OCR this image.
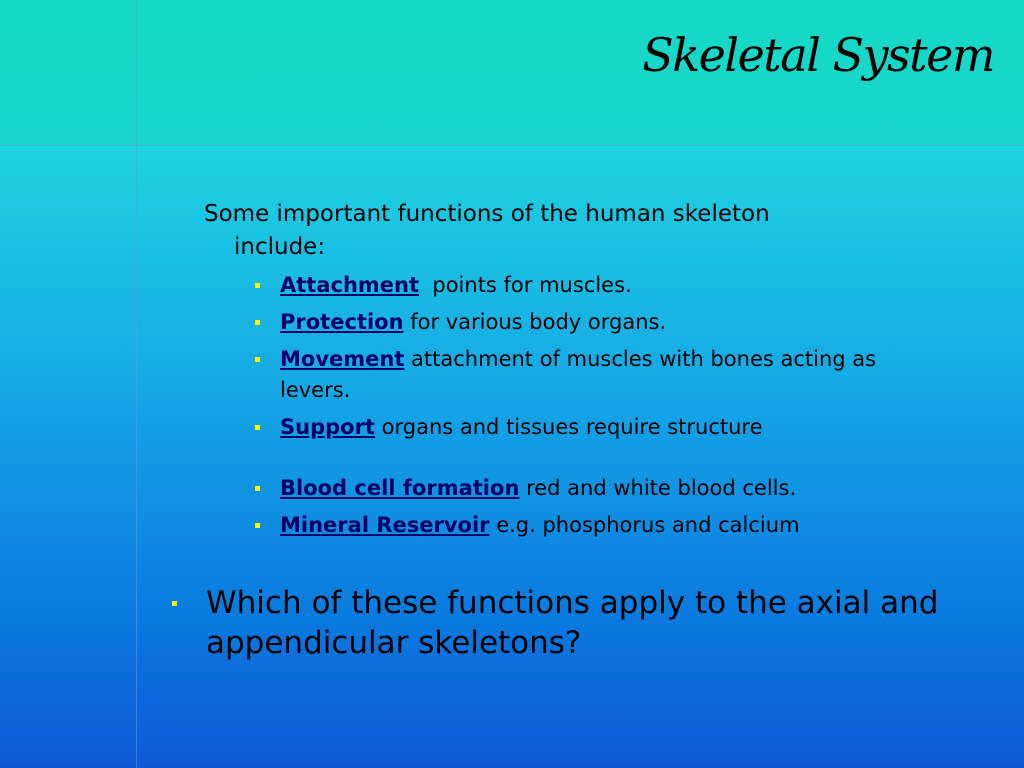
Skeletal System
Some important functions of the human skeleton
include:
Attachment  points for muscles.
Protection for various body organs.
Movement attachment of muscles with bones acting as levers.
Support organs and tissues require structure
Blood cell formation red and white blood cells.
Mineral Reservoir e.g. phosphorus and calcium
Which of these functions apply to the axial and appendicular skeletons?
